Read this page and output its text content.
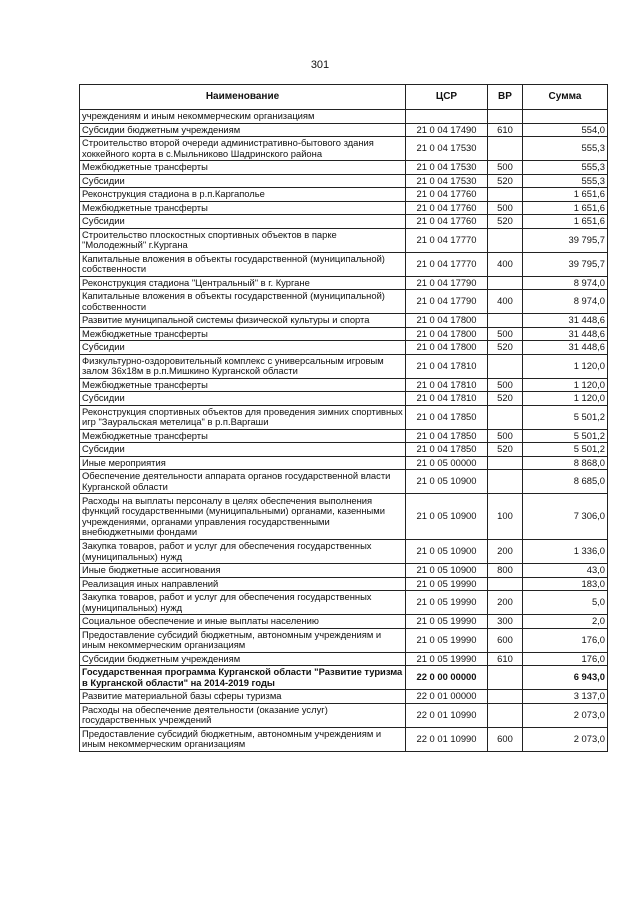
301
Наименование	ЦСР	ВР	Сумма
учреждениям и иным некоммерческим организациям			
Субсидии бюджетным учреждениям	21 0 04 17490	610	554,0
Строительство второй очереди административно-бытового здания хоккейного корта в с.Мыльниково Шадринского района	21 0 04 17530		555,3
Межбюджетные трансферты	21 0 04 17530	500	555,3
Субсидии	21 0 04 17530	520	555,3
Реконструкция стадиона в р.п.Каргаполье	21 0 04 17760		1 651,6
Межбюджетные трансферты	21 0 04 17760	500	1 651,6
Субсидии	21 0 04 17760	520	1 651,6
Строительство плоскостных спортивных объектов в парке "Молодежный" г.Кургана	21 0 04 17770		39 795,7
Капитальные вложения в объекты государственной (муниципальной) собственности	21 0 04 17770	400	39 795,7
Реконструкция стадиона "Центральный" в г. Кургане	21 0 04 17790		8 974,0
Капитальные вложения в объекты государственной (муниципальной) собственности	21 0 04 17790	400	8 974,0
Развитие муниципальной системы физической культуры и спорта	21 0 04 17800		31 448,6
Межбюджетные трансферты	21 0 04 17800	500	31 448,6
Субсидии	21 0 04 17800	520	31 448,6
Физкультурно-оздоровительный комплекс с универсальным игровым залом 36х18м в р.п.Мишкино Курганской области	21 0 04 17810		1 120,0
Межбюджетные трансферты	21 0 04 17810	500	1 120,0
Субсидии	21 0 04 17810	520	1 120,0
Реконструкция спортивных объектов для проведения зимних спортивных игр "Зауральская метелица" в р.п.Варгаши	21 0 04 17850		5 501,2
Межбюджетные трансферты	21 0 04 17850	500	5 501,2
Субсидии	21 0 04 17850	520	5 501,2
Иные мероприятия	21 0 05 00000		8 868,0
Обеспечение деятельности аппарата органов государственной власти Курганской области	21 0 05 10900		8 685,0
Расходы на выплаты персоналу в целях обеспечения выполнения функций государственными (муниципальными) органами, казенными учреждениями, органами управления государственными внебюджетными фондами	21 0 05 10900	100	7 306,0
Закупка товаров, работ и услуг для обеспечения государственных (муниципальных) нужд	21 0 05 10900	200	1 336,0
Иные бюджетные ассигнования	21 0 05 10900	800	43,0
Реализация иных направлений	21 0 05 19990		183,0
Закупка товаров, работ и услуг для обеспечения государственных (муниципальных) нужд	21 0 05 19990	200	5,0
Социальное обеспечение и иные выплаты населению	21 0 05 19990	300	2,0
Предоставление субсидий бюджетным, автономным учреждениям и иным некоммерческим организациям	21 0 05 19990	600	176,0
Субсидии бюджетным учреждениям	21 0 05 19990	610	176,0
Государственная программа Курганской области "Развитие туризма в Курганской области" на 2014-2019 годы	22 0 00 00000		6 943,0
Развитие материальной базы сферы туризма	22 0 01 00000		3 137,0
Расходы на обеспечение деятельности (оказание услуг) государственных учреждений	22 0 01 10990		2 073,0
Предоставление субсидий бюджетным, автономным учреждениям и иным некоммерческим организациям	22 0 01 10990	600	2 073,0
